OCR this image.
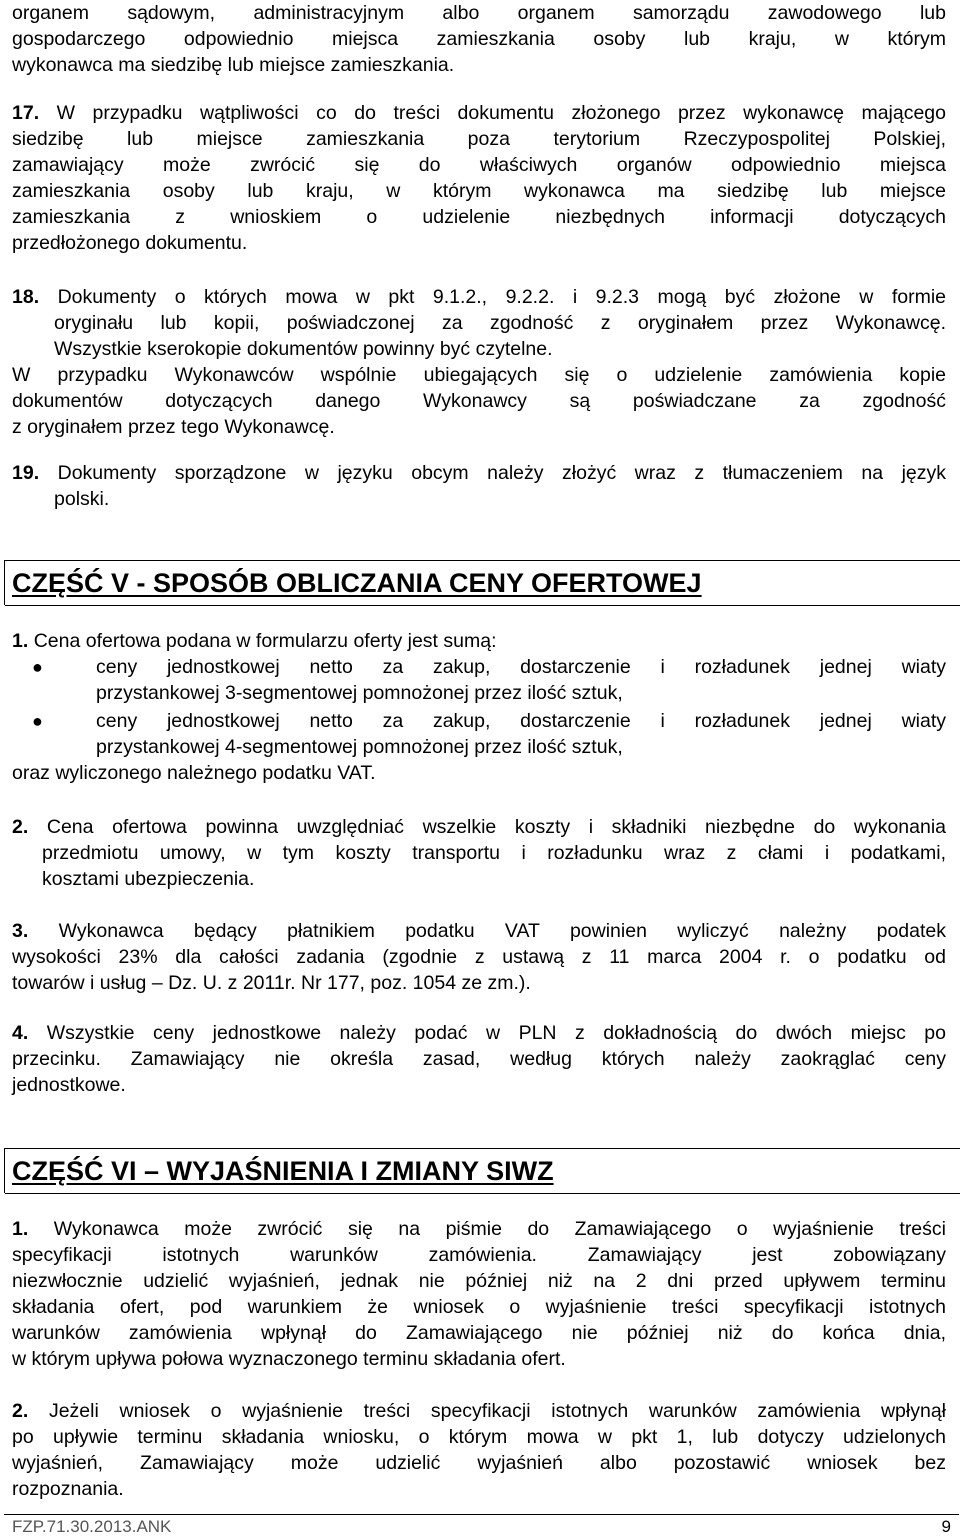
organem sądowym, administracyjnym albo organem samorządu zawodowego lub
gospodarczego odpowiednio miejsca zamieszkania osoby lub kraju, w którym
wykonawca ma siedzibę lub miejsce zamieszkania.
17. W przypadku wątpliwości co do treści dokumentu złożonego przez wykonawcę mającego
siedzibę lub miejsce zamieszkania poza terytorium Rzeczypospolitej Polskiej,
zamawiający może zwrócić się do właściwych organów odpowiednio miejsca
zamieszkania osoby lub kraju, w którym wykonawca ma siedzibę lub miejsce
zamieszkania z wnioskiem o udzielenie niezbędnych informacji dotyczących
przedłożonego dokumentu.
18. Dokumenty o których mowa w pkt 9.1.2., 9.2.2. i 9.2.3 mogą być złożone w formie
oryginału lub kopii, poświadczonej za zgodność z oryginałem przez Wykonawcę.
Wszystkie kserokopie dokumentów powinny być czytelne.
W przypadku Wykonawców wspólnie ubiegających się o udzielenie zamówienia kopie
dokumentów dotyczących danego Wykonawcy są poświadczane za zgodność
z oryginałem przez tego Wykonawcę.
19. Dokumenty sporządzone w języku obcym należy złożyć wraz z tłumaczeniem na język
polski.
CZĘŚĆ V - SPOSÓB OBLICZANIA CENY OFERTOWEJ
1. Cena ofertowa podana w formularzu oferty jest sumą:
●	ceny jednostkowej netto za zakup, dostarczenie i rozładunek jednej wiaty
przystankowej 3-segmentowej pomnożonej przez ilość sztuk,
●	ceny jednostkowej netto za zakup, dostarczenie i rozładunek jednej wiaty
przystankowej 4-segmentowej pomnożonej przez ilość sztuk,
oraz wyliczonego należnego podatku VAT.
2. Cena ofertowa powinna uwzględniać wszelkie koszty i składniki niezbędne do wykonania
przedmiotu umowy, w tym koszty transportu i rozładunku wraz z cłami i podatkami,
kosztami ubezpieczenia.
3. Wykonawca będący płatnikiem podatku VAT powinien wyliczyć należny podatek
wysokości 23% dla całości zadania (zgodnie z ustawą z 11 marca 2004 r. o podatku od
towarów i usług – Dz. U. z 2011r. Nr 177, poz. 1054 ze zm.).
4. Wszystkie ceny jednostkowe należy podać w PLN z dokładnością do dwóch miejsc po
przecinku. Zamawiający nie określa zasad, według których należy zaokrąglać ceny
jednostkowe.
CZĘŚĆ VI – WYJAŚNIENIA I ZMIANY SIWZ
1. Wykonawca może zwrócić się na piśmie do Zamawiającego o wyjaśnienie treści
specyfikacji istotnych warunków zamówienia. Zamawiający jest zobowiązany
niezwłocznie udzielić wyjaśnień, jednak nie później niż na 2 dni przed upływem terminu
składania ofert, pod warunkiem że wniosek o wyjaśnienie treści specyfikacji istotnych
warunków zamówienia wpłynął do Zamawiającego nie później niż do końca dnia,
w którym upływa połowa wyznaczonego terminu składania ofert.
2. Jeżeli wniosek o wyjaśnienie treści specyfikacji istotnych warunków zamówienia wpłynął
po upływie terminu składania wniosku, o którym mowa w pkt 1, lub dotyczy udzielonych
wyjaśnień, Zamawiający może udzielić wyjaśnień albo pozostawić wniosek bez
rozpoznania.
FZP.71.30.2013.ANK	9
